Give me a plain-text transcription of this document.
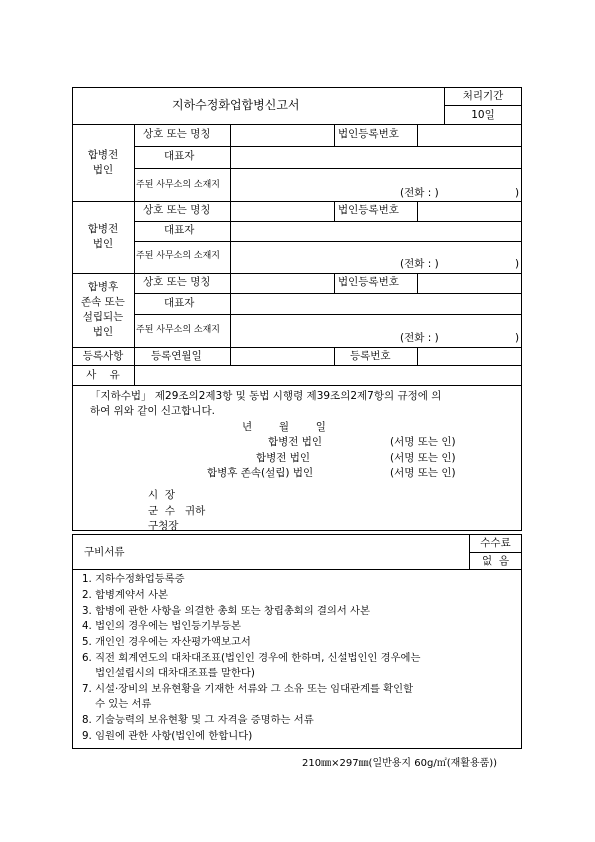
지하수정화업합병신고서
처리기간
10일
합병전
법인
상호 또는 명칭	법인등록번호
대표자
주된 사무소의 소재지
(전화 : )	)
합병전
법인
상호 또는 명칭	법인등록번호
대표자
주된 사무소의 소재지
(전화 : )	)
합병후
존속 또는
설립되는
법인
상호 또는 명칭	법인등록번호
대표자
주된 사무소의 소재지
(전화 : )	)
등록사항	등록연월일	등록번호
사    유
「지하수법」 제29조의2제3항 및 동법 시행령 제39조의2제7항의 규정에 의
하여 위와 같이 신고합니다.
년        월        일
합병전 법인	(서명 또는 인)
합병전 법인	(서명 또는 인)
합병후 존속(설립) 법인	(서명 또는 인)
시  장
군  수   귀하
구청장
구비서류
수수료
없  음
1. 지하수정화업등록증
2. 합병계약서 사본
3. 합병에 관한 사항을 의결한 총회 또는 창립총회의 결의서 사본
4. 법인의 경우에는 법인등기부등본
5. 개인인 경우에는 자산평가액보고서
6. 직전 회계연도의 대차대조표(법인인 경우에 한하며, 신설법인인 경우에는
법인설립시의 대차대조표를 말한다)
7. 시설·장비의 보유현황을 기재한 서류와 그 소유 또는 임대관계를 확인할
수 있는 서류
8. 기술능력의 보유현황 및 그 자격을 증명하는 서류
9. 임원에 관한 사항(법인에 한합니다)
210㎜×297㎜(일반용지 60g/㎡(재활용품))
